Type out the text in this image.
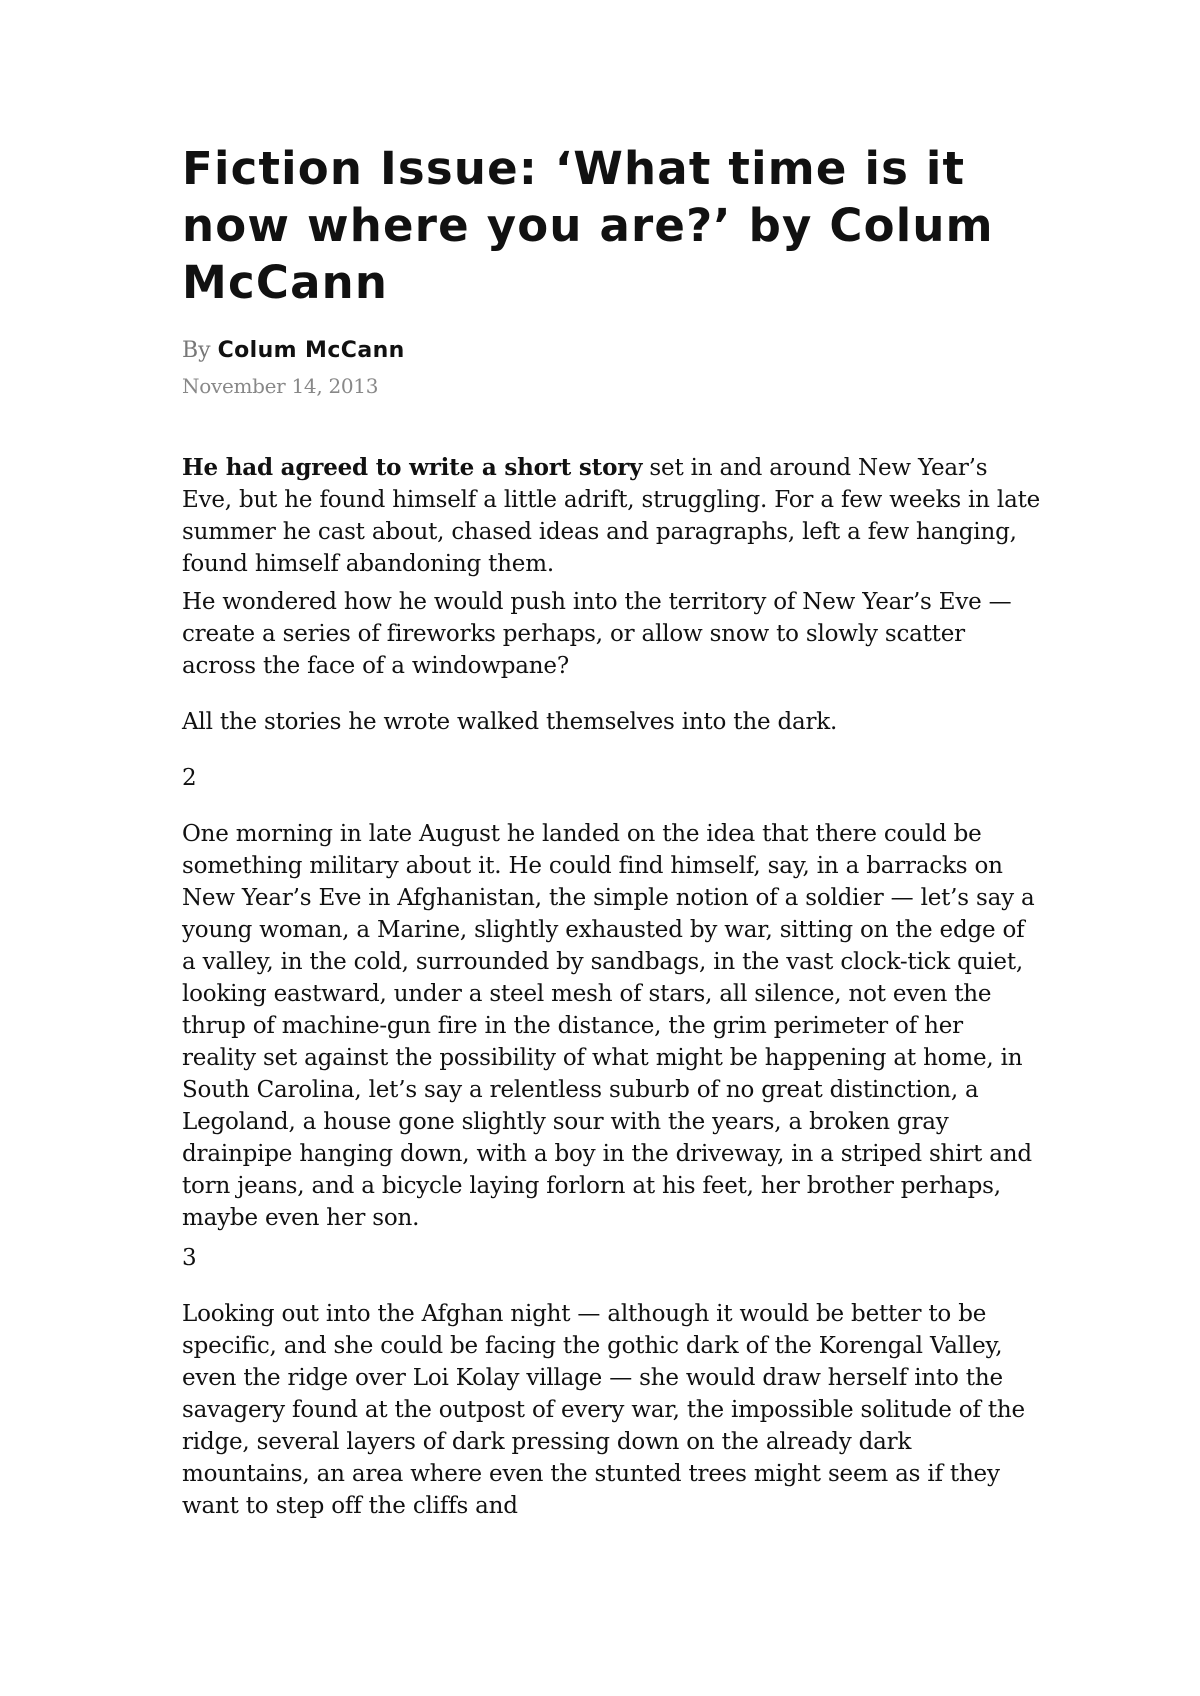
Fiction Issue: ‘What time is it now where you are?’ by Colum McCann
By Colum McCann
November 14, 2013

He had agreed to write a short story set in and around New Year’s Eve, but he found himself a little adrift, struggling. For a few weeks in late summer he cast about, chased ideas and paragraphs, left a few hanging, found himself abandoning them.

He wondered how he would push into the territory of New Year’s Eve — create a series of fireworks perhaps, or allow snow to slowly scatter across the face of a windowpane?

All the stories he wrote walked themselves into the dark.

2

One morning in late August he landed on the idea that there could be something military about it. He could find himself, say, in a barracks on New Year’s Eve in Afghanistan, the simple notion of a soldier — let’s say a young woman, a Marine, slightly exhausted by war, sitting on the edge of a valley, in the cold, surrounded by sandbags, in the vast clock-tick quiet, looking eastward, under a steel mesh of stars, all silence, not even the thrup of machine-gun fire in the distance, the grim perimeter of her reality set against the possibility of what might be happening at home, in South Carolina, let’s say a relentless suburb of no great distinction, a Legoland, a house gone slightly sour with the years, a broken gray drainpipe hanging down, with a boy in the driveway, in a striped shirt and torn jeans, and a bicycle laying forlorn at his feet, her brother perhaps, maybe even her son.

3

Looking out into the Afghan night — although it would be better to be specific, and she could be facing the gothic dark of the Korengal Valley, even the ridge over Loi Kolay village — she would draw herself into the savagery found at the outpost of every war, the impossible solitude of the ridge, several layers of dark pressing down on the already dark mountains, an area where even the stunted trees might seem as if they want to step off the cliffs and
